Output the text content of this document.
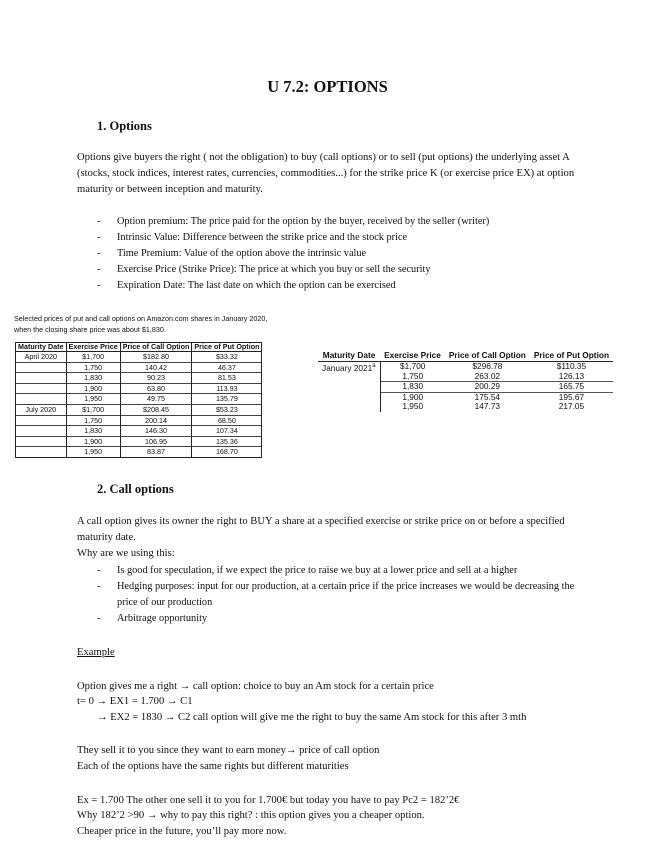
U 7.2: OPTIONS
1. Options
Options give buyers the right ( not the obligation) to buy (call options) or to sell (put options) the underlying asset A (stocks, stock indices, interest rates, currencies, commodities...) for the strike price K (or exercise price EX) at option maturity or between inception and maturity.
- Option premium: The price paid for the option by the buyer, received by the seller (writer)
- Intrinsic Value: Difference between the strike price and the stock price
- Time Premium: Value of the option above the intrinsic value
- Exercise Price (Strike Price): The price at which you buy or sell the security
- Expiration Date: The last date on which the option can be exercised
Selected prices of put and call options on Amazon.com shares in January 2020,
when the closing share price was about $1,830.
Maturity Date	Exercise Price	Price of Call Option	Price of Put Option
April 2020	$1,700	$182.80	$33.32
	1,750	140.42	46.37
	1,830	90.23	81.53
	1,900	63.80	113.93
	1,950	49.75	135.79
July 2020	$1,700	$208.45	$53.23
	1,750	200.14	68.50
	1,830	146.30	107.34
	1,900	106.95	135.36
	1,950	83.87	168.70
Maturity Date	Exercise Price	Price of Call Option	Price of Put Option
January 2021$^a$	$1,700	$296.78	$110.35
	1,750	263.02	126.13
	1,830	200.29	165.75
	1,900	175.54	195.67
	1,950	147.73	217.05
2. Call options
A call option gives its owner the right to BUY a share at a specified exercise or strike price on or before a specified maturity date.
Why are we using this:
- Is good for speculation, if we expect the price to raise we buy at a lower price and sell at a higher
- Hedging purposes: input for our production, at a certain price if the price increases we would be decreasing the price of our production
- Arbitrage opportunity
Example
Option gives me a right → call option: choice to buy an Am stock for a certain price
t= 0 → EX1 = 1.700 → C1
→ EX2 = 1830 → C2 call option will give me the right to buy the same Am stock for this after 3 mth
They sell it to you since they want to earn money→ price of call option
Each of the options have the same rights but different maturities
Ex = 1.700 The other one sell it to you for 1.700€ but today you have to pay Pc2 = 182’2€
Why 182’2 >90 → why to pay this right? : this option gives you a cheaper option.
Cheaper price in the future, you’ll pay more now.
